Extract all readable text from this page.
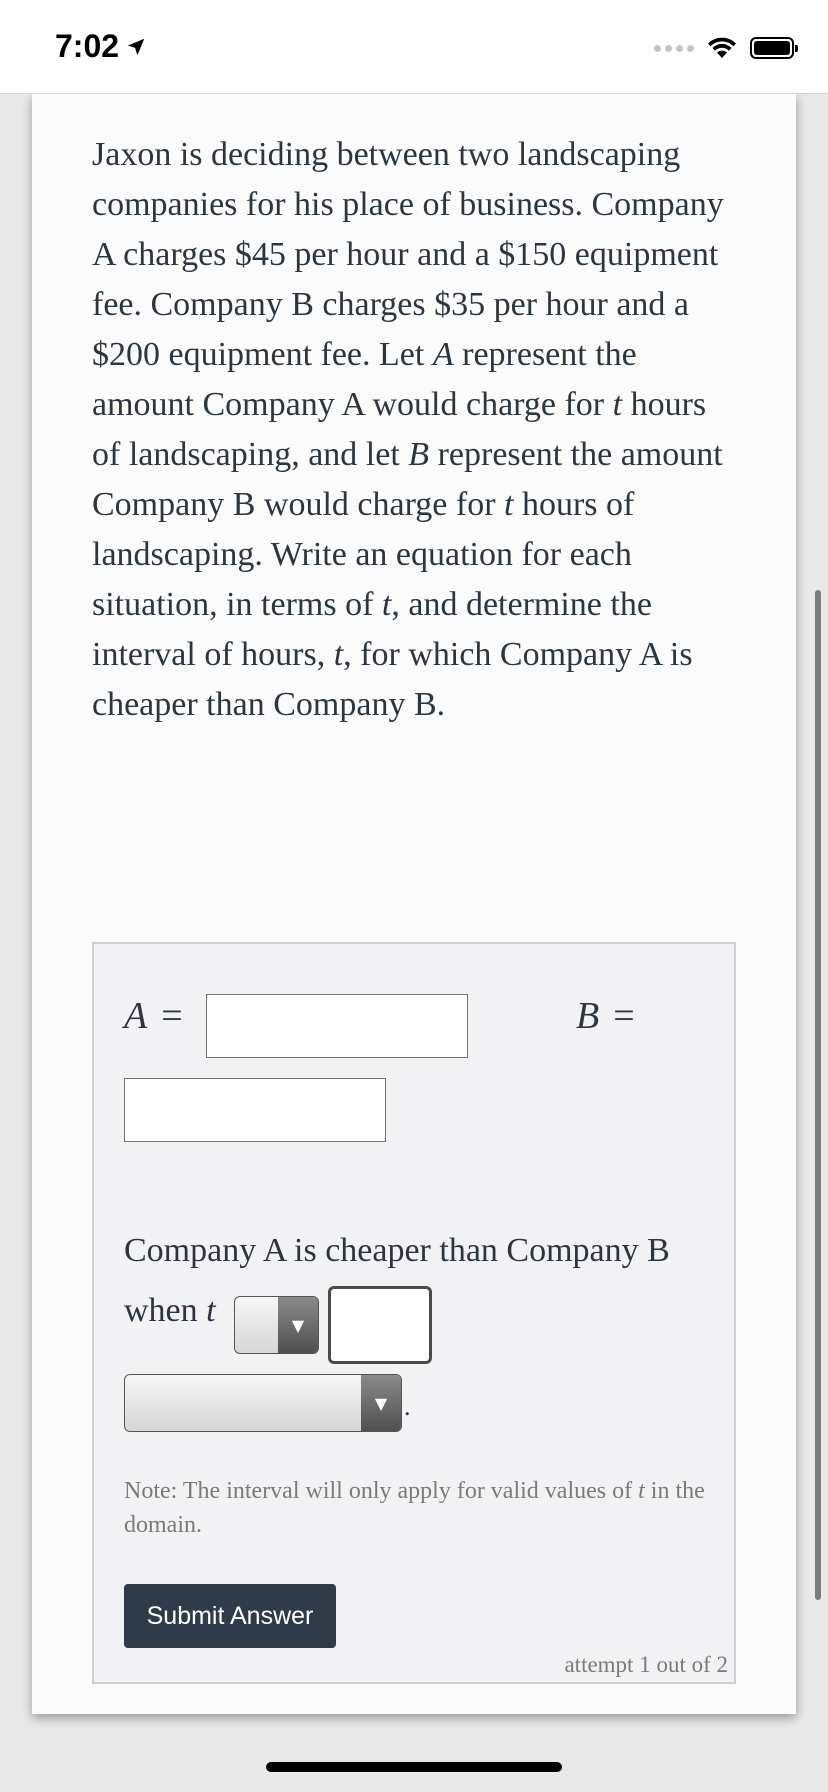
7:02

Jaxon is deciding between two landscaping companies for his place of business. Company A charges $45 per hour and a $150 equipment fee. Company B charges $35 per hour and a $200 equipment fee. Let A represent the amount Company A would charge for t hours of landscaping, and let B represent the amount Company B would charge for t hours of landscaping. Write an equation for each situation, in terms of t, and determine the interval of hours, t, for which Company A is cheaper than Company B.

A =	B =
Company A is cheaper than Company B
when t	▼
▼ .

Note: The interval will only apply for valid values of t in the domain.

Submit Answer
attempt 1 out of 2
